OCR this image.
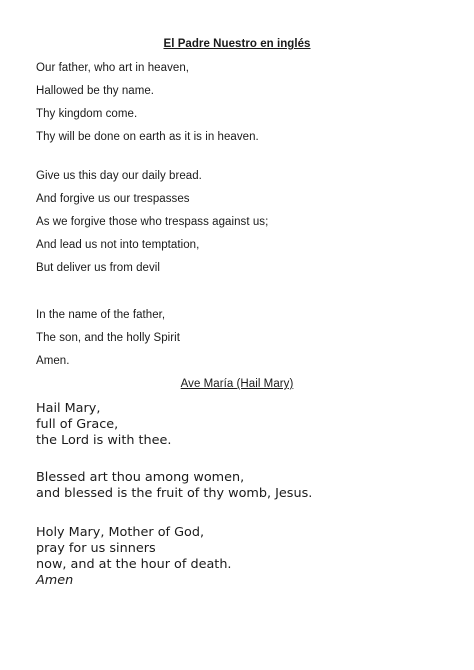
El Padre Nuestro en inglés

Our father, who art in heaven,

Hallowed be thy name.

Thy kingdom come.

Thy will be done on earth as it is in heaven.

Give us this day our daily bread.

And forgive us our trespasses

As we forgive those who trespass against us;

And lead us not into temptation,

But deliver us from devil

In the name of the father,

The son, and the holly Spirit

Amen.

Ave María (Hail Mary)

Hail Mary,

full of Grace,

the Lord is with thee.

Blessed art thou among women,

and blessed is the fruit of thy womb, Jesus.

Holy Mary, Mother of God,

pray for us sinners

now, and at the hour of death.

Amen
